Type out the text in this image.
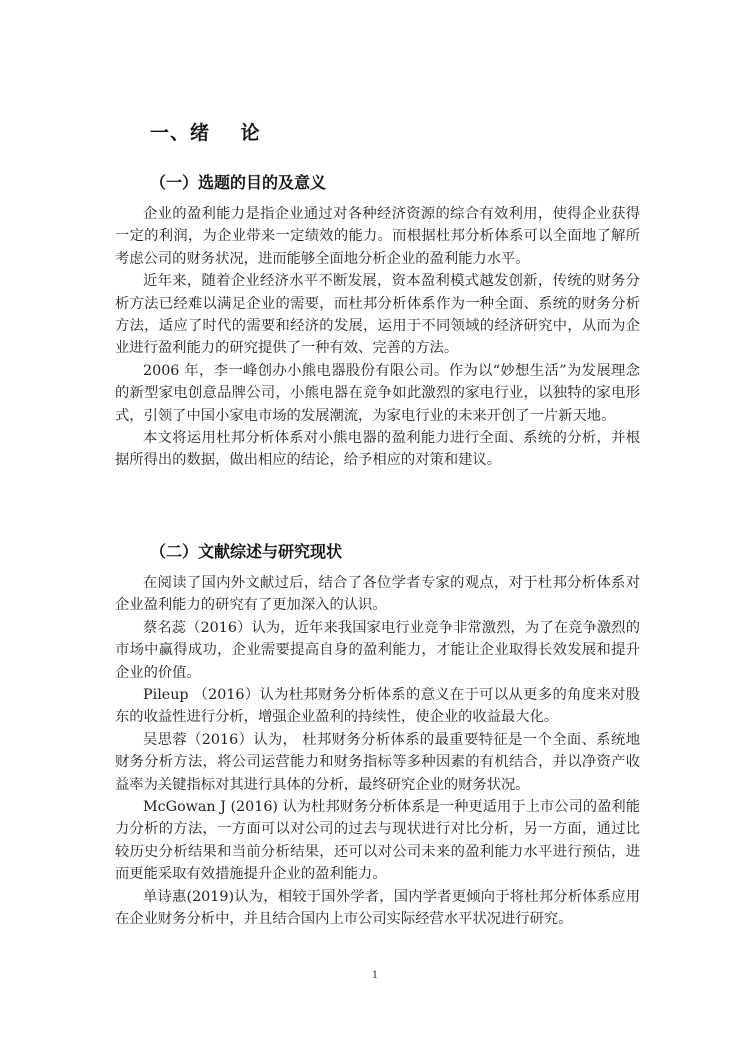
一、绪    论
（一）选题的目的及意义

企业的盈利能力是指企业通过对各种经济资源的综合有效利用，使得企业获得一定的利润，为企业带来一定绩效的能力。而根据杜邦分析体系可以全面地了解所考虑公司的财务状况，进而能够全面地分析企业的盈利能力水平。

近年来，随着企业经济水平不断发展，资本盈利模式越发创新，传统的财务分析方法已经难以满足企业的需要，而杜邦分析体系作为一种全面、系统的财务分析方法，适应了时代的需要和经济的发展，运用于不同领域的经济研究中，从而为企业进行盈利能力的研究提供了一种有效、完善的方法。

2006 年，李一峰创办小熊电器股份有限公司。作为以“妙想生活”为发展理念的新型家电创意品牌公司，小熊电器在竞争如此激烈的家电行业，以独特的家电形式，引领了中国小家电市场的发展潮流，为家电行业的未来开创了一片新天地。

本文将运用杜邦分析体系对小熊电器的盈利能力进行全面、系统的分析，并根据所得出的数据，做出相应的结论，给予相应的对策和建议。

（二）文献综述与研究现状

在阅读了国内外文献过后，结合了各位学者专家的观点，对于杜邦分析体系对企业盈利能力的研究有了更加深入的认识。

蔡名蕊（2016）认为，近年来我国家电行业竞争非常激烈，为了在竞争激烈的市场中赢得成功，企业需要提高自身的盈利能力，才能让企业取得长效发展和提升企业的价值。

Pileup （2016）认为杜邦财务分析体系的意义在于可以从更多的角度来对股东的收益性进行分析，增强企业盈利的持续性，使企业的收益最大化。

吴思蓉（2016）认为， 杜邦财务分析体系的最重要特征是一个全面、系统地财务分析方法，将公司运营能力和财务指标等多种因素的有机结合，并以净资产收益率为关键指标对其进行具体的分析，最终研究企业的财务状况。

McGowan J (2016) 认为杜邦财务分析体系是一种更适用于上市公司的盈利能力分析的方法，一方面可以对公司的过去与现状进行对比分析，另一方面，通过比较历史分析结果和当前分析结果，还可以对公司未来的盈利能力水平进行预估，进而更能采取有效措施提升企业的盈利能力。

单诗惠(2019)认为，相较于国外学者，国内学者更倾向于将杜邦分析体系应用在企业财务分析中，并且结合国内上市公司实际经营水平状况进行研究。

1
